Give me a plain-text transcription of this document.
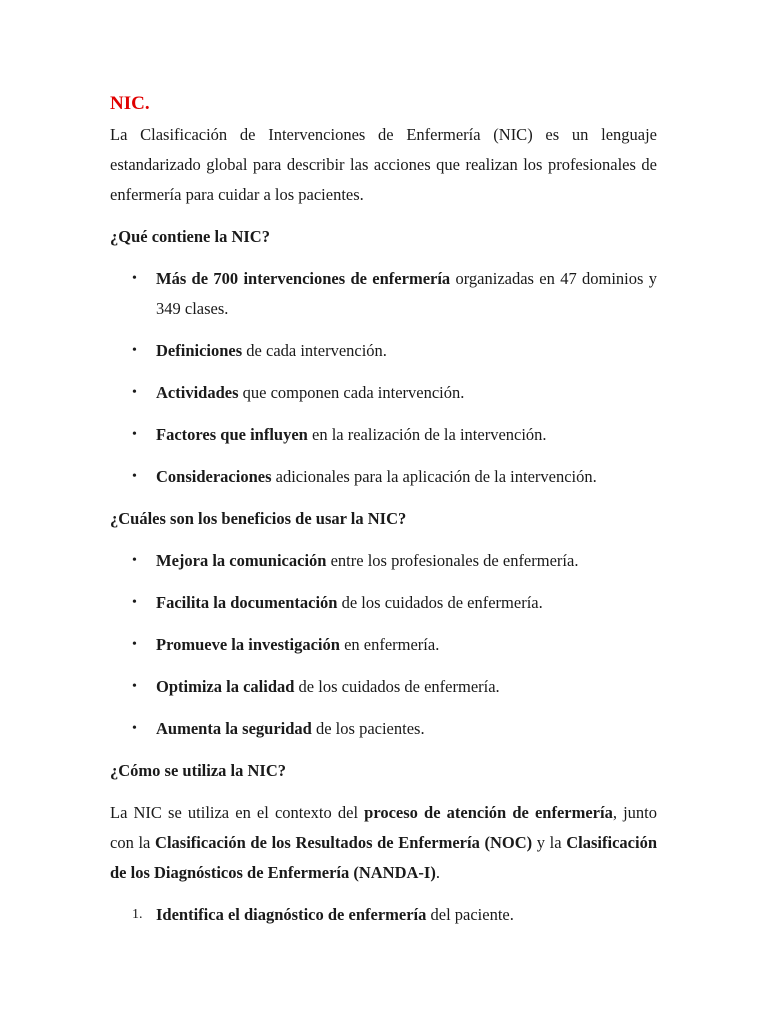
NIC.

La Clasificación de Intervenciones de Enfermería (NIC) es un lenguaje estandarizado global para describir las acciones que realizan los profesionales de enfermería para cuidar a los pacientes.

¿Qué contiene la NIC?

• Más de 700 intervenciones de enfermería organizadas en 47 dominios y 349 clases.
• Definiciones de cada intervención.
• Actividades que componen cada intervención.
• Factores que influyen en la realización de la intervención.
• Consideraciones adicionales para la aplicación de la intervención.

¿Cuáles son los beneficios de usar la NIC?

• Mejora la comunicación entre los profesionales de enfermería.
• Facilita la documentación de los cuidados de enfermería.
• Promueve la investigación en enfermería.
• Optimiza la calidad de los cuidados de enfermería.
• Aumenta la seguridad de los pacientes.

¿Cómo se utiliza la NIC?

La NIC se utiliza en el contexto del proceso de atención de enfermería, junto con la Clasificación de los Resultados de Enfermería (NOC) y la Clasificación de los Diagnósticos de Enfermería (NANDA-I).

1. Identifica el diagnóstico de enfermería del paciente.
